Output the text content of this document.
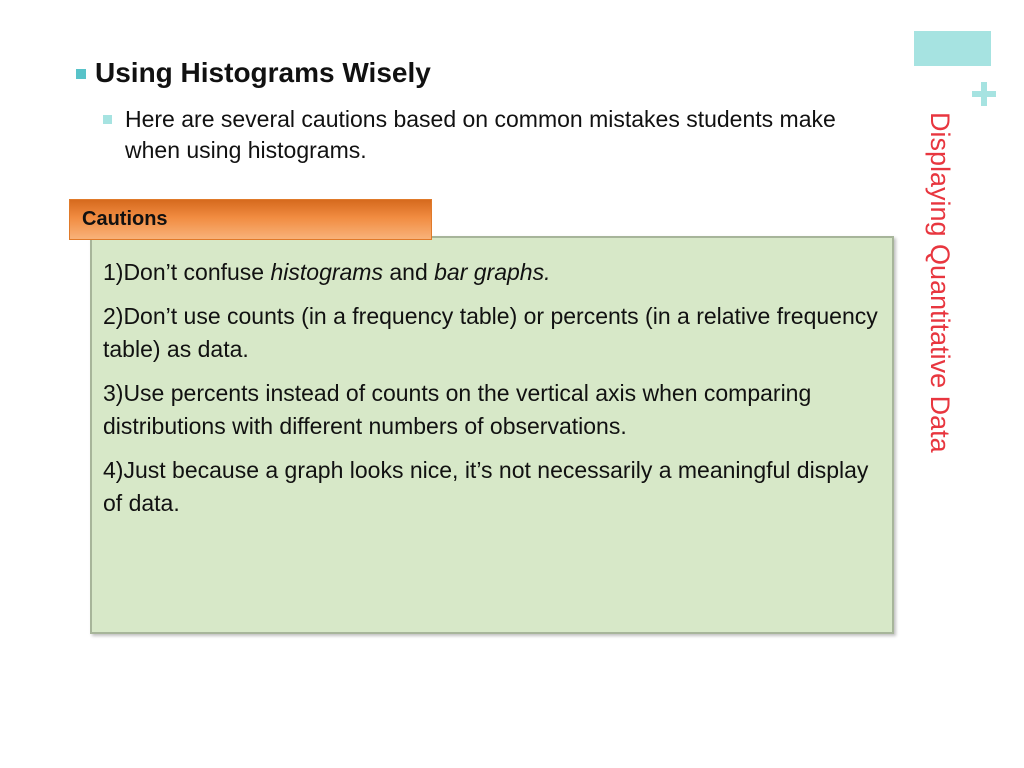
Displaying Quantitative Data
Using Histograms Wisely
Here are several cautions based on common mistakes students make when using histograms.

1)Don’t confuse histograms and bar graphs.

2)Don’t use counts (in a frequency table) or percents (in a relative frequency table) as data.

3)Use percents instead of counts on the vertical axis when comparing distributions with different numbers of observations.

4)Just because a graph looks nice, it’s not necessarily a meaningful display of data.

Cautions
